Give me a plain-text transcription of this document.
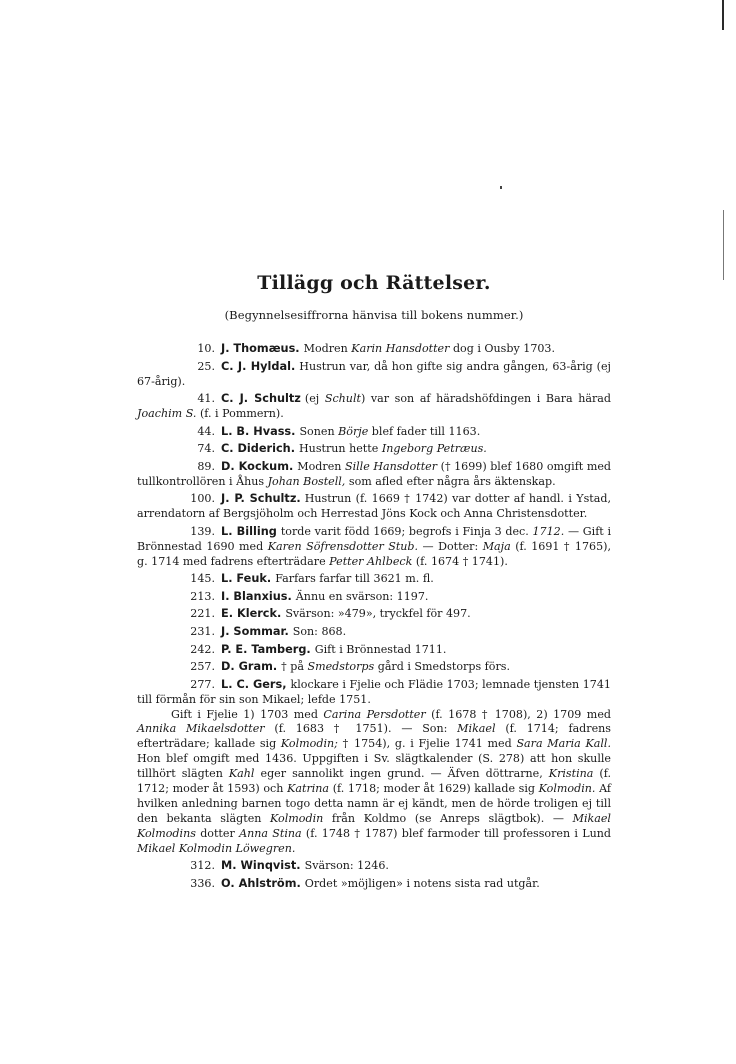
Tillägg och Rättelser.
(Begynnelsesiffrorna hänvisa till bokens nummer.)
10. J. Thomæus. Modren Karin Hansdotter dog i Ousby 1703.
25. C. J. Hyldal. Hustrun var, då hon gifte sig andra gången, 63-årig (ej 67-årig).
41. C. J. Schultz (ej Schult) var son af häradshöfdingen i Bara härad Joachim S. (f. i Pommern).
44. L. B. Hvass. Sonen Börje blef fader till 1163.
74. C. Diderich. Hustrun hette Ingeborg Petræus.
89. D. Kockum. Modren Sille Hansdotter († 1699) blef 1680 omgift med tullkontrollören i Åhus Johan Bostell, som afled efter några års äktenskap.
100. J. P. Schultz. Hustrun (f. 1669 † 1742) var dotter af handl. i Ystad, arrendatorn af Bergsjöholm och Herrestad Jöns Kock och Anna Christensdotter.
139. L. Billing torde varit född 1669; begrofs i Finja 3 dec. 1712. — Gift i Brönnestad 1690 med Karen Söfrensdotter Stub. — Dotter: Maja (f. 1691 † 1765), g. 1714 med fadrens efterträdare Petter Ahlbeck (f. 1674 † 1741).
145. L. Feuk. Farfars farfar till 3621 m. fl.
213. I. Blanxius. Ännu en svärson: 1197.
221. E. Klerck. Svärson: »479», tryckfel för 497.
231. J. Sommar. Son: 868.
242. P. E. Tamberg. Gift i Brönnestad 1711.
257. D. Gram. † på Smedstorps gård i Smedstorps förs.
277. L. C. Gers, klockare i Fjelie och Flädie 1703; lemnade tjensten 1741 till förmån för sin son Mikael; lefde 1751.

Gift i Fjelie 1) 1703 med Carina Persdotter (f. 1678 † 1708), 2) 1709 med Annika Mikaelsdotter (f. 1683 † 1751). — Son: Mikael (f. 1714; fadrens efterträdare; kallade sig Kolmodin; † 1754), g. i Fjelie 1741 med Sara Maria Kall. Hon blef omgift med 1436. Uppgiften i Sv. slägtkalender (S. 278) att hon skulle tillhört slägten Kahl eger sannolikt ingen grund. — Äfven döttrarne, Kristina (f. 1712; moder åt 1593) och Katrina (f. 1718; moder åt 1629) kallade sig Kolmodin. Af hvilken anledning barnen togo detta namn är ej kändt, men de hörde troligen ej till den bekanta slägten Kolmodin från Koldmo (se Anreps slägtbok). — Mikael Kolmodins dotter Anna Stina (f. 1748 † 1787) blef farmoder till professoren i Lund Mikael Kolmodin Löwegren.

312. M. Winqvist. Svärson: 1246.
336. O. Ahlström. Ordet »möjligen» i notens sista rad utgår.
